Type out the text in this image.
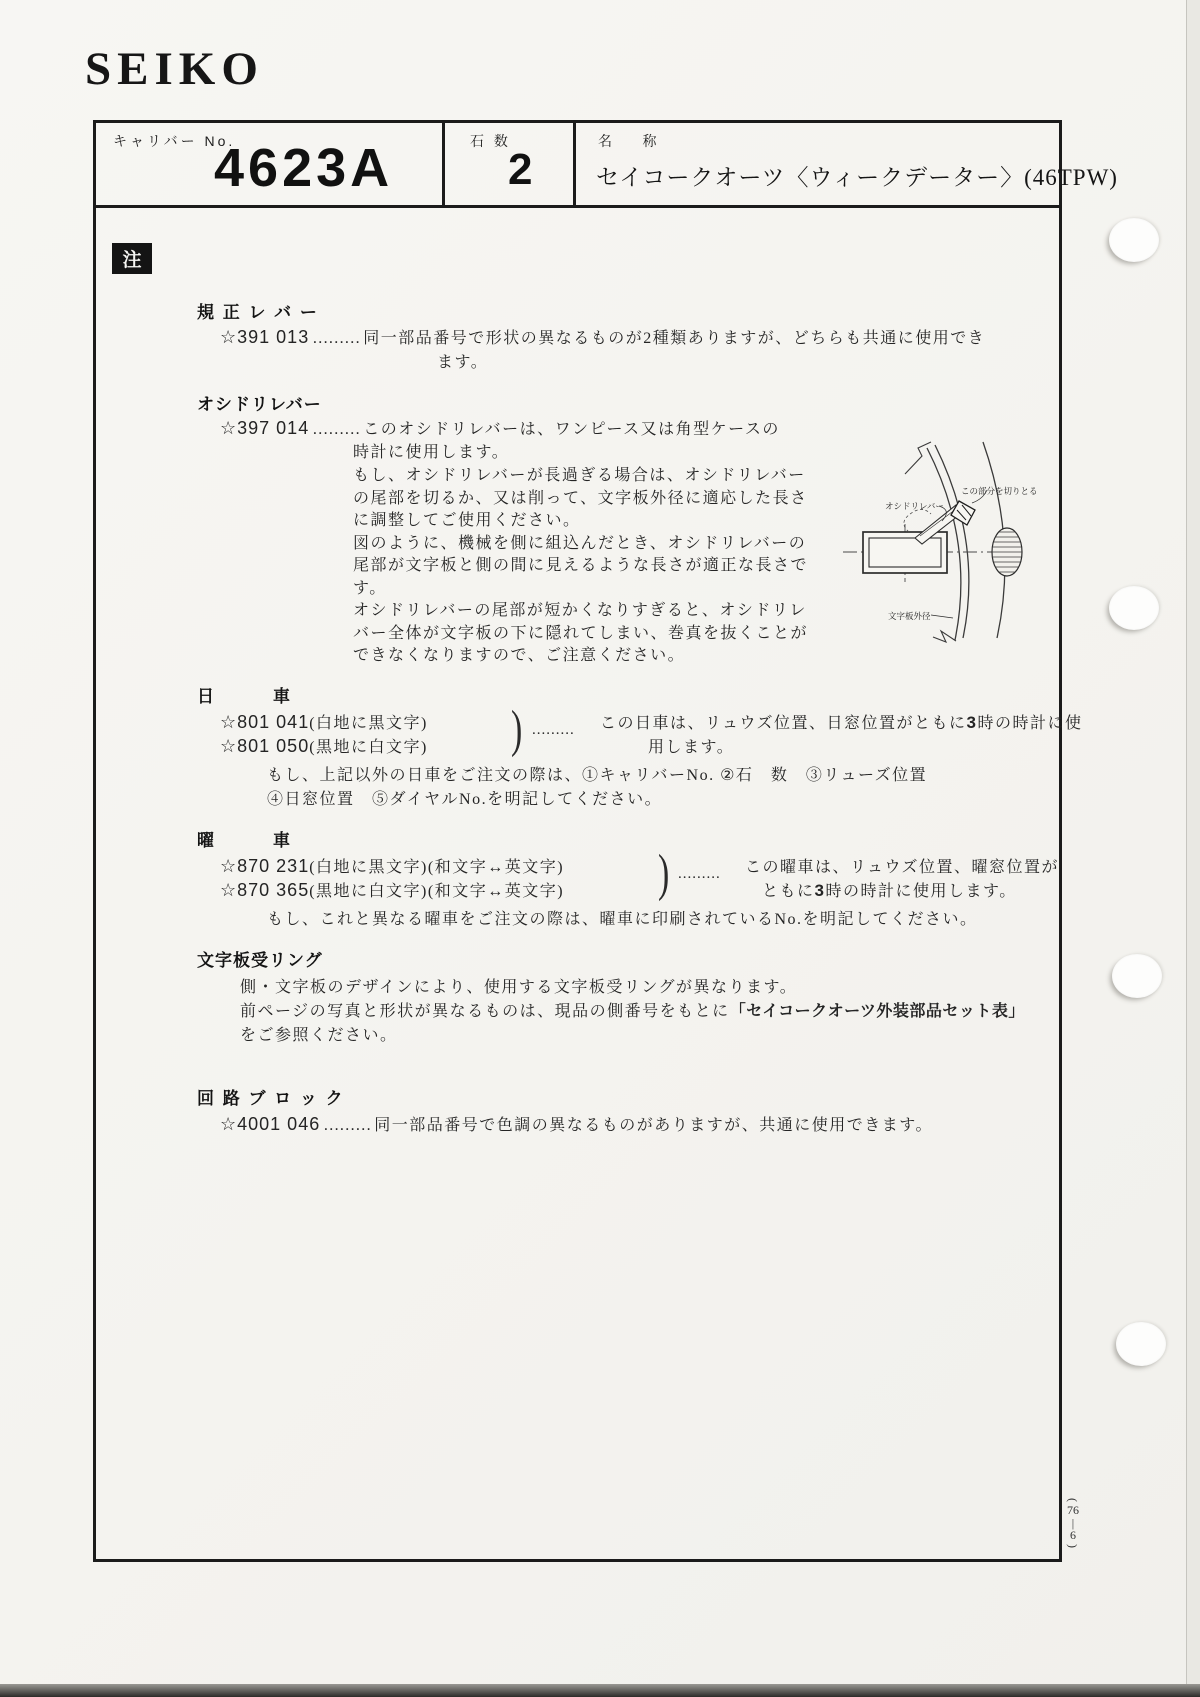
SEIKO
キャリバー No.
4623A	石 数
2
名    称
セイコークオーツ〈ウィークデーター〉(46TPW)
注
規 正 レ バ ー
☆391 013 ……… 同一部品番号で形状の異なるものが2種類ありますが、どちらも共通に使用でき
ます。
オシドリレバー
☆397 014 ……… このオシドリレバーは、ワンピース又は角型ケースの
時計に使用します。
もし、オシドリレバーが長過ぎる場合は、オシドリレバー
の尾部を切るか、又は削って、文字板外径に適応した長さ
に調整してご使用ください。
図のように、機械を側に組込んだとき、オシドリレバーの
尾部が文字板と側の間に見えるような長さが適正な長さで
す。
オシドリレバーの尾部が短かくなりすぎると、オシドリレ
バー全体が文字板の下に隠れてしまい、巻真を抜くことが
できなくなりますので、ご注意ください。
この部分を切りとる
オシドリレバー
文字板外径
日　　　車
☆801 041(白地に黒文字)
☆801 050(黒地に白文字) ) ......... この日車は、リュウズ位置、日窓位置がともに3時の時計に使
用します。
もし、上記以外の日車をご注文の際は、①キャリバーNo. ②石　数　③リューズ位置
④日窓位置　⑤ダイヤルNo.を明記してください。
曜　　　車
☆870 231(白地に黒文字)(和文字↔英文字)
☆870 365(黒地に白文字)(和文字↔英文字) ) ......... この曜車は、リュウズ位置、曜窓位置が
ともに3時の時計に使用します。
もし、これと異なる曜車をご注文の際は、曜車に印刷されているNo.を明記してください。
文字板受リング
側・文字板のデザインにより、使用する文字板受リングが異なります。
前ページの写真と形状が異なるものは、現品の側番号をもとに「セイコークオーツ外装部品セット表」
をご参照ください。
回 路 ブ ロ ッ ク
☆4001 046 ……… 同一部品番号で色調の異なるものがありますが、共通に使用できます。
(
76
|
6
)
